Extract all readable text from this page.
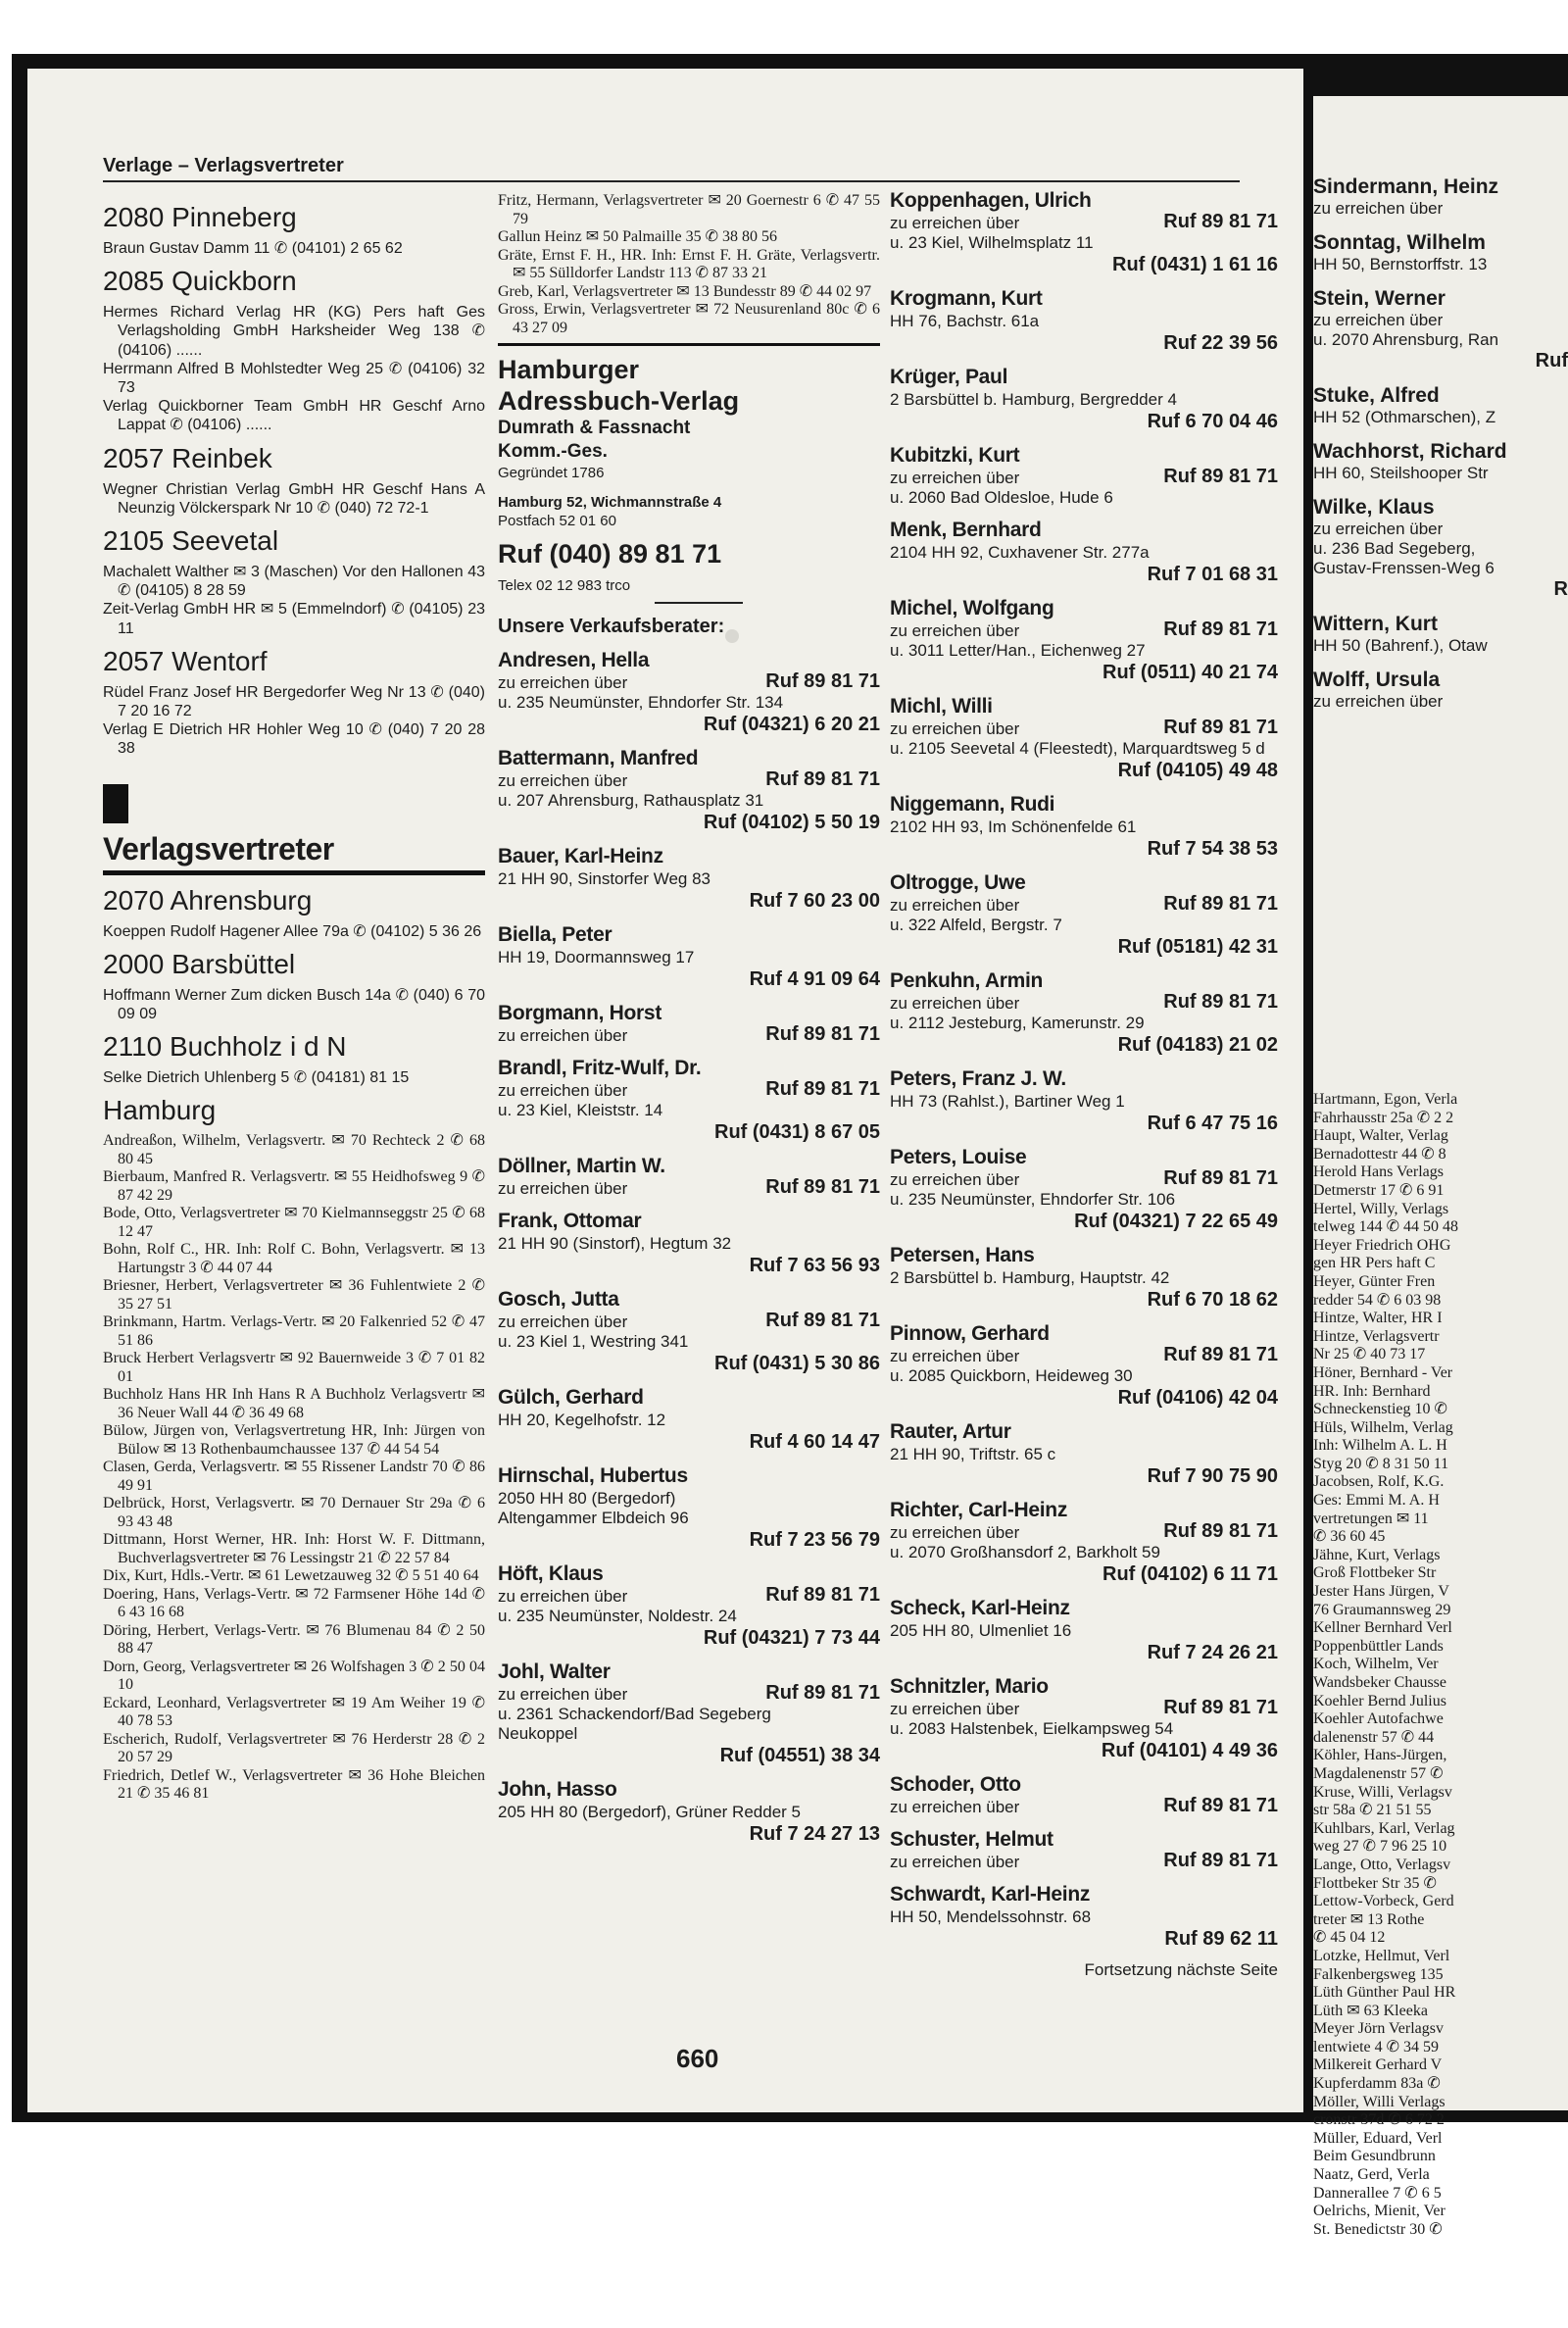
Verlage – Verlagsvertreter
2080 Pinneberg

Braun Gustav Damm 11 ✆ (04101) 2 65 62

2085 Quickborn

Hermes Richard Verlag HR (KG) Pers haft Ges Verlagsholding GmbH Harksheider Weg 138 ✆ (04106) ......

Herrmann Alfred B Mohlstedter Weg 25 ✆ (04106) 32 73

Verlag Quickborner Team GmbH HR Geschf Arno Lappat ✆ (04106) ......

2057 Reinbek

Wegner Christian Verlag GmbH HR Geschf Hans A Neunzig Völckerspark Nr 10 ✆ (040) 72 72-1

2105 Seevetal

Machalett Walther ✉ 3 (Maschen) Vor den Hallonen 43 ✆ (04105) 8 28 59

Zeit-Verlag GmbH HR ✉ 5 (Emmelndorf) ✆ (04105) 23 11

2057 Wentorf

Rüdel Franz Josef HR Bergedorfer Weg Nr 13 ✆ (040) 7 20 16 72

Verlag E Dietrich HR Hohler Weg 10 ✆ (040) 7 20 28 38

Verlagsvertreter
2070 Ahrensburg

Koeppen Rudolf Hagener Allee 79a ✆ (04102) 5 36 26

2000 Barsbüttel

Hoffmann Werner Zum dicken Busch 14a ✆ (040) 6 70 09 09

2110 Buchholz i d N

Selke Dietrich Uhlenberg 5 ✆ (04181) 81 15

Hamburg

Andreaßon, Wilhelm, Verlagsvertr. ✉ 70 Rechteck 2 ✆ 68 80 45

Bierbaum, Manfred R. Verlagsvertr. ✉ 55 Heidhofsweg 9 ✆ 87 42 29

Bode, Otto, Verlagsvertreter ✉ 70 Kielmannseggstr 25 ✆ 68 12 47

Bohn, Rolf C., HR. Inh: Rolf C. Bohn, Verlagsvertr. ✉ 13 Hartungstr 3 ✆ 44 07 44

Briesner, Herbert, Verlagsvertreter ✉ 36 Fuhlentwiete 2 ✆ 35 27 51

Brinkmann, Hartm. Verlags-Vertr. ✉ 20 Falkenried 52 ✆ 47 51 86

Bruck Herbert Verlagsvertr ✉ 92 Bauernweide 3 ✆ 7 01 82 01

Buchholz Hans HR Inh Hans R A Buchholz Verlagsvertr ✉ 36 Neuer Wall 44 ✆ 36 49 68

Bülow, Jürgen von, Verlagsvertretung HR, Inh: Jürgen von Bülow ✉ 13 Rothenbaumchaussee 137 ✆ 44 54 54

Clasen, Gerda, Verlagsvertr. ✉ 55 Rissener Landstr 70 ✆ 86 49 91

Delbrück, Horst, Verlagsvertr. ✉ 70 Dernauer Str 29a ✆ 6 93 43 48

Dittmann, Horst Werner, HR. Inh: Horst W. F. Dittmann, Buchverlagsvertreter ✉ 76 Lessingstr 21 ✆ 22 57 84

Dix, Kurt, Hdls.-Vertr. ✉ 61 Lewetzauweg 32 ✆ 5 51 40 64

Doering, Hans, Verlags-Vertr. ✉ 72 Farmsener Höhe 14d ✆ 6 43 16 68

Döring, Herbert, Verlags-Vertr. ✉ 76 Blumenau 84 ✆ 2 50 88 47

Dorn, Georg, Verlagsvertreter ✉ 26 Wolfshagen 3 ✆ 2 50 04 10

Eckard, Leonhard, Verlagsvertreter ✉ 19 Am Weiher 19 ✆ 40 78 53

Escherich, Rudolf, Verlagsvertreter ✉ 76 Herderstr 28 ✆ 2 20 57 29

Friedrich, Detlef W., Verlagsvertreter ✉ 36 Hohe Bleichen 21 ✆ 35 46 81

Fritz, Hermann, Verlagsvertreter ✉ 20 Goernestr 6 ✆ 47 55 79

Gallun Heinz ✉ 50 Palmaille 35 ✆ 38 80 56

Gräte, Ernst F. H., HR. Inh: Ernst F. H. Gräte, Verlagsvertr. ✉ 55 Sülldorfer Landstr 113 ✆ 87 33 21

Greb, Karl, Verlagsvertreter ✉ 13 Bundesstr 89 ✆ 44 02 97

Gross, Erwin, Verlagsvertreter ✉ 72 Neusurenland 80c ✆ 6 43 27 09

Hamburger
Adressbuch-Verlag
Dumrath & Fassnacht
Komm.-Ges.
Gegründet 1786
Hamburg 52, Wichmannstraße 4
Postfach 52 01 60
Ruf (040) 89 81 71
Telex 02 12 983 trco
Unsere Verkaufsberater:
Andresen, Hella
zu erreichen über	Ruf 89 81 71
u. 235 Neumünster, Ehndorfer Str. 134
Ruf (04321) 6 20 21
Battermann, Manfred
zu erreichen über	Ruf 89 81 71
u. 207 Ahrensburg, Rathausplatz 31
Ruf (04102) 5 50 19
Bauer, Karl-Heinz
21 HH 90, Sinstorfer Weg 83
Ruf 7 60 23 00
Biella, Peter
HH 19, Doormannsweg 17
Ruf 4 91 09 64
Borgmann, Horst
zu erreichen über	Ruf 89 81 71
Brandl, Fritz-Wulf, Dr.
zu erreichen über	Ruf 89 81 71
u. 23 Kiel, Kleiststr. 14
Ruf (0431) 8 67 05
Döllner, Martin W.
zu erreichen über	Ruf 89 81 71
Frank, Ottomar
21 HH 90 (Sinstorf), Hegtum 32
Ruf 7 63 56 93
Gosch, Jutta
zu erreichen über	Ruf 89 81 71
u. 23 Kiel 1, Westring 341
Ruf (0431) 5 30 86
Gülch, Gerhard
HH 20, Kegelhofstr. 12
Ruf 4 60 14 47
Hirnschal, Hubertus
2050 HH 80 (Bergedorf)
Altengammer Elbdeich 96
Ruf 7 23 56 79
Höft, Klaus
zu erreichen über	Ruf 89 81 71
u. 235 Neumünster, Noldestr. 24
Ruf (04321) 7 73 44
Johl, Walter
zu erreichen über	Ruf 89 81 71
u. 2361 Schackendorf/Bad Segeberg
Neukoppel
Ruf (04551) 38 34
John, Hasso
205 HH 80 (Bergedorf), Grüner Redder 5
Ruf 7 24 27 13
Koppenhagen, Ulrich
zu erreichen über	Ruf 89 81 71
u. 23 Kiel, Wilhelmsplatz 11
Ruf (0431) 1 61 16
Krogmann, Kurt
HH 76, Bachstr. 61a
Ruf 22 39 56
Krüger, Paul
2 Barsbüttel b. Hamburg, Bergredder 4
Ruf 6 70 04 46
Kubitzki, Kurt
zu erreichen über	Ruf 89 81 71
u. 2060 Bad Oldesloe, Hude 6
Menk, Bernhard
2104 HH 92, Cuxhavener Str. 277a
Ruf 7 01 68 31
Michel, Wolfgang
zu erreichen über	Ruf 89 81 71
u. 3011 Letter/Han., Eichenweg 27
Ruf (0511) 40 21 74
Michl, Willi
zu erreichen über	Ruf 89 81 71
u. 2105 Seevetal 4 (Fleestedt), Marquardtsweg 5 d
Ruf (04105) 49 48
Niggemann, Rudi
2102 HH 93, Im Schönenfelde 61
Ruf 7 54 38 53
Oltrogge, Uwe
zu erreichen über	Ruf 89 81 71
u. 322 Alfeld, Bergstr. 7
Ruf (05181) 42 31
Penkuhn, Armin
zu erreichen über	Ruf 89 81 71
u. 2112 Jesteburg, Kamerunstr. 29
Ruf (04183) 21 02
Peters, Franz J. W.
HH 73 (Rahlst.), Bartiner Weg 1
Ruf 6 47 75 16
Peters, Louise
zu erreichen über	Ruf 89 81 71
u. 235 Neumünster, Ehndorfer Str. 106
Ruf (04321) 7 22 65 49
Petersen, Hans
2 Barsbüttel b. Hamburg, Hauptstr. 42
Ruf 6 70 18 62
Pinnow, Gerhard
zu erreichen über	Ruf 89 81 71
u. 2085 Quickborn, Heideweg 30
Ruf (04106) 42 04
Rauter, Artur
21 HH 90, Triftstr. 65 c
Ruf 7 90 75 90
Richter, Carl-Heinz
zu erreichen über	Ruf 89 81 71
u. 2070 Großhansdorf 2, Barkholt 59
Ruf (04102) 6 11 71
Scheck, Karl-Heinz
205 HH 80, Ulmenliet 16
Ruf 7 24 26 21
Schnitzler, Mario
zu erreichen über	Ruf 89 81 71
u. 2083 Halstenbek, Eielkampsweg 54
Ruf (04101) 4 49 36
Schoder, Otto
zu erreichen über	Ruf 89 81 71
Schuster, Helmut
zu erreichen über	Ruf 89 81 71
Schwardt, Karl-Heinz
HH 50, Mendelssohnstr. 68
Ruf 89 62 11
Fortsetzung nächste Seite
660
Sindermann, Heinz
zu erreichen über
Sonntag, Wilhelm
HH 50, Bernstorffstr. 13
Stein, Werner
zu erreichen über
u. 2070 Ahrensburg, Ran
Ruf
Stuke, Alfred
HH 52 (Othmarschen), Z
Wachhorst, Richard
HH 60, Steilshooper Str
Wilke, Klaus
zu erreichen über
u. 236 Bad Segeberg,
Gustav-Frenssen-Weg 6
R
Wittern, Kurt
HH 50 (Bahrenf.), Otaw
Wolff, Ursula
zu erreichen über
Hartmann, Egon, Verla
Fahrhausstr 25a ✆ 2 2
Haupt, Walter, Verlag
Bernadottestr 44 ✆ 8
Herold Hans Verlags
Detmerstr 17 ✆ 6 91
Hertel, Willy, Verlags
telweg 144 ✆ 44 50 48
Heyer Friedrich OHG
gen HR Pers haft C
Heyer, Günter Fren
redder 54 ✆ 6 03 98
Hintze, Walter, HR I
Hintze, Verlagsvertr
Nr 25 ✆ 40 73 17
Höner, Bernhard - Ver
HR. Inh: Bernhard
Schneckenstieg 10 ✆
Hüls, Wilhelm, Verlag
Inh: Wilhelm A. L. H
Styg 20 ✆ 8 31 50 11
Jacobsen, Rolf, K.G.
Ges: Emmi M. A. H
vertretungen ✉ 11
✆ 36 60 45
Jähne, Kurt, Verlags
Groß Flottbeker Str
Jester Hans Jürgen, V
76 Graumannsweg 29
Kellner Bernhard Verl
Poppenbüttler Lands
Koch, Wilhelm, Ver
Wandsbeker Chausse
Koehler Bernd Julius
Koehler Autofachwe
dalenenstr 57 ✆ 44
Köhler, Hans-Jürgen,
Magdalenenstr 57 ✆
Kruse, Willi, Verlagsv
str 58a ✆ 21 51 55
Kuhlbars, Karl, Verlag
weg 27 ✆ 7 96 25 10
Lange, Otto, Verlagsv
Flottbeker Str 35 ✆
Lettow-Vorbeck, Gerd
treter ✉ 13 Rothe
✆ 45 04 12
Lotzke, Hellmut, Verl
Falkenbergsweg 135
Lüth Günther Paul HR
Lüth ✉ 63 Kleeka
Meyer Jörn Verlagsv
lentwiete 4 ✆ 34 59
Milkereit Gerhard V
Kupferdamm 83a ✆
Möller, Willi Verlags
cronstr 37d ✆ 6 72 2
Müller, Eduard, Verl
Beim Gesundbrunn
Naatz, Gerd, Verla
Dannerallee 7 ✆ 6 5
Oelrichs, Mienit, Ver
St. Benedictstr 30 ✆
